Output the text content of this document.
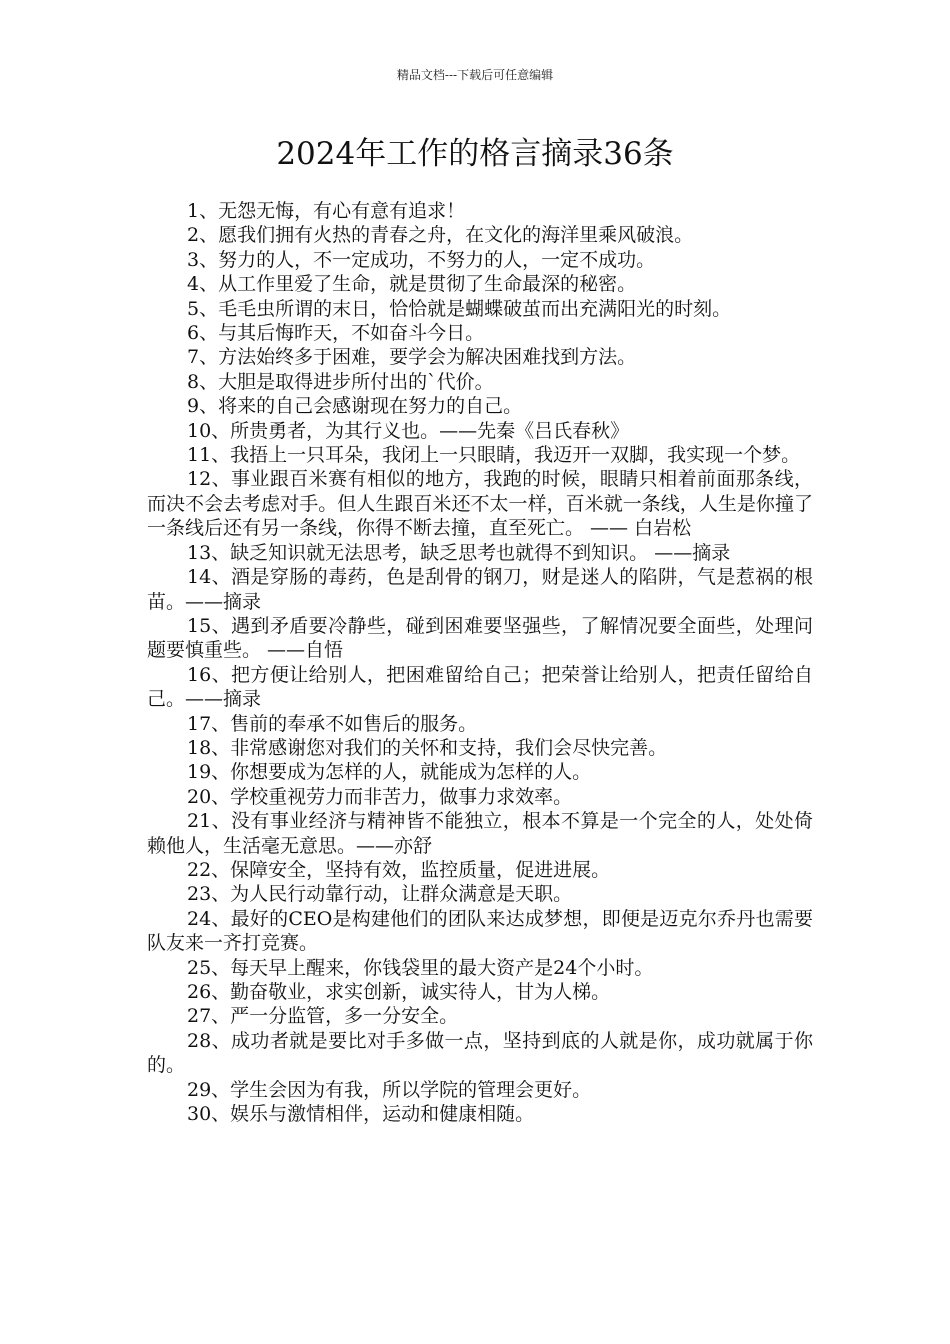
精品文档---下载后可任意编辑
2024年工作的格言摘录36条

1、无怨无悔，有心有意有追求！

2、愿我们拥有火热的青春之舟，在文化的海洋里乘风破浪。

3、努力的人，不一定成功，不努力的人，一定不成功。

4、从工作里爱了生命，就是贯彻了生命最深的秘密。

5、毛毛虫所谓的末日，恰恰就是蝴蝶破茧而出充满阳光的时刻。

6、与其后悔昨天，不如奋斗今日。

7、方法始终多于困难，要学会为解决困难找到方法。

8、大胆是取得进步所付出的`代价。

9、将来的自己会感谢现在努力的自己。

10、所贵勇者，为其行义也。——先秦《吕氏春秋》

11、我捂上一只耳朵，我闭上一只眼睛，我迈开一双脚，我实现一个梦。

12、事业跟百米赛有相似的地方，我跑的时候，眼睛只相着前面那条线，而决不会去考虑对手。但人生跟百米还不太一样，百米就一条线，人生是你撞了一条线后还有另一条线，你得不断去撞，直至死亡。 —— 白岩松

13、缺乏知识就无法思考，缺乏思考也就得不到知识。 ——摘录

14、酒是穿肠的毒药，色是刮骨的钢刀，财是迷人的陷阱，气是惹祸的根苗。——摘录

15、遇到矛盾要冷静些，碰到困难要坚强些，了解情况要全面些，处理问题要慎重些。 ——自悟

16、把方便让给别人，把困难留给自己；把荣誉让给别人，把责任留给自己。——摘录

17、售前的奉承不如售后的服务。

18、非常感谢您对我们的关怀和支持，我们会尽快完善。

19、你想要成为怎样的人，就能成为怎样的人。

20、学校重视劳力而非苦力，做事力求效率。

21、没有事业经济与精神皆不能独立，根本不算是一个完全的人，处处倚赖他人，生活毫无意思。——亦舒

22、保障安全，坚持有效，监控质量，促进进展。

23、为人民行动靠行动，让群众满意是天职。

24、最好的CEO是构建他们的团队来达成梦想，即便是迈克尔乔丹也需要队友来一齐打竞赛。

25、每天早上醒来，你钱袋里的最大资产是24个小时。

26、勤奋敬业，求实创新，诚实待人，甘为人梯。

27、严一分监管，多一分安全。

28、成功者就是要比对手多做一点，坚持到底的人就是你，成功就属于你的。

29、学生会因为有我，所以学院的管理会更好。

30、娱乐与激情相伴，运动和健康相随。
